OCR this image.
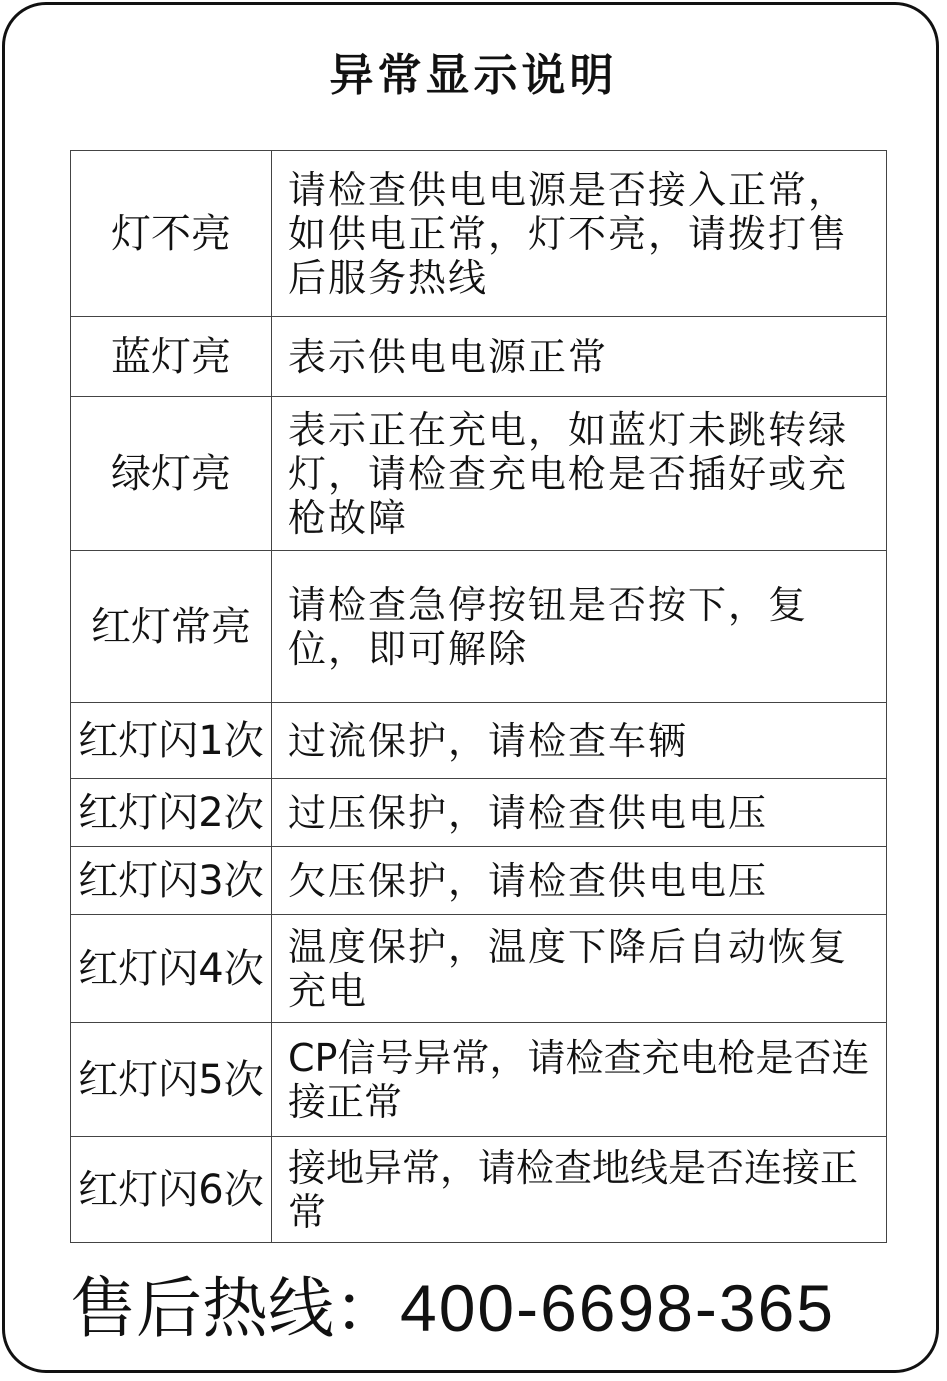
异常显示说明
灯不亮	请检查供电电源是否接入正常，如供电正常，灯不亮，请拨打售后服务热线
蓝灯亮	表示供电电源正常
绿灯亮	表示正在充电，如蓝灯未跳转绿灯，请检查充电枪是否插好或充枪故障
红灯常亮	请检查急停按钮是否按下，复位，即可解除
红灯闪1次	过流保护，请检查车辆
红灯闪2次	过压保护，请检查供电电压
红灯闪3次	欠压保护，请检查供电电压
红灯闪4次	温度保护，温度下降后自动恢复充电
红灯闪5次	CP信号异常，请检查充电枪是否连接正常
红灯闪6次	接地异常，请检查地线是否连接正常
售后热线：400-6698-365
